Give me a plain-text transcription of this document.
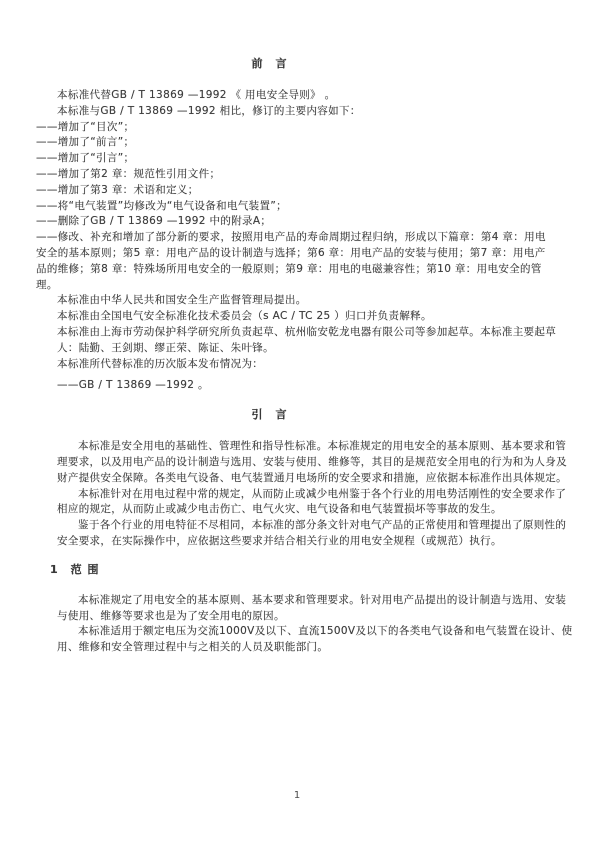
前　言

本标准代替GB / T 13869 —1992 《 用电安全导则》 。

本标准与GB / T 13869 —1992 相比，修订的主要内容如下：

——增加了“目次”；

——增加了“前言”；

——增加了“引言”；

——增加了第2 章：规范性引用文件；

——增加了第3 章：术语和定义；

——将“电气装置”均修改为“电气设备和电气装置”；

——删除了GB / T 13869 —1992 中的附录A；

——修改、补充和增加了部分新的要求，按照用电产品的寿命周期过程归纳，形成以下篇章：第4 章：用电

安全的基本原则；第5 章：用电产品的设计制造与选择；第6 章：用电产品的安装与使用；第7 章：用电产

品的维修；第8 章：特殊场所用电安全的一般原则；第9 章：用电的电磁兼容性；第10 章：用电安全的管

理。

本标准由中华人民共和国安全生产监督管理局提出。

本标准由全国电气安全标准化技术委员会（s AC / TC 25 ）归口并负责解释。

本标准由上海市劳动保护科学研究所负责起草、杭州临安乾龙电器有限公司等参加起草。本标准主要起草

人：陆勤、王剑期、缪正荣、陈证、朱叶锋。

本标准所代替标准的历次版本发布情况为：

——GB / T 13869 —1992 。

引　言

本标准是安全用电的基础性、管理性和指导性标准。本标准规定的用电安全的基本原则、基本要求和管

理要求，以及用电产品的设计制造与选用、安装与使用、维修等，其目的是规范安全用电的行为和为人身及

财产提供安全保障。各类电气设备、电气装置通月电场所的安全要求和措施，应依据本标准作出具体规定。

本标准针对在用电过程中常的规定，从而防止或减少电州鉴于各个行业的用电势活刚性的安全要求作了

相应的规定，从而防止或减少电击伤亡、电气火灾、电气设备和电气装置损坏等事故的发生。

鉴于各个行业的用电特征不尽相同，本标准的部分条文针对电气产品的正常使用和管理提出了原则性的

安全要求，在实际操作中，应依据这些要求并结合相关行业的用电安全规程（或规范）执行。

1　范 围

本标准规定了用电安全的基本原则、基本要求和管理要求。针对用电产品提出的设计制造与选用、安装

与使用、维修等要求也是为了安全用电的原因。

本标准适用于额定电压为交流1000V及以下、直流1500V及以下的各类电气设备和电气装置在设计、使

用、维修和安全管理过程中与之相关的人员及职能部门。

1
